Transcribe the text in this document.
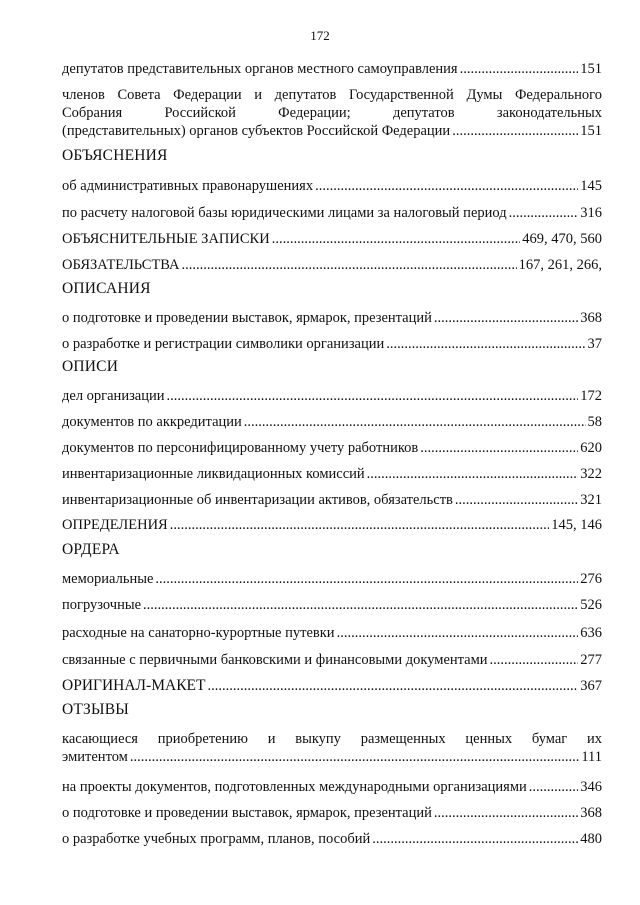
172
депутатов представительных органов местного самоуправления .....	151
членов Совета Федерации и депутатов Государственной Думы Федерального
Собрания Российской Федерации; депутатов законодательных
(представительных) органов субъектов Российской Федерации .....	151
ОБЪЯСНЕНИЯ
об административных правонарушениях .....	145
по расчету налоговой базы юридическими лицами за налоговый период .....	316
ОБЪЯСНИТЕЛЬНЫЕ ЗАПИСКИ .....	469, 470, 560
ОБЯЗАТЕЛЬСТВА .....	167, 261, 266,
ОПИСАНИЯ
о подготовке и проведении выставок, ярмарок, презентаций .....	368
о разработке и регистрации символики организации .....	37
ОПИСИ
дел организации .....	172
документов по аккредитации .....	58
документов по персонифицированному учету работников .....	620
инвентаризационные ликвидационных комиссий .....	322
инвентаризационные об инвентаризации активов, обязательств .....	321
ОПРЕДЕЛЕНИЯ .....	145, 146
ОРДЕРА
мемориальные .....	276
погрузочные .....	526
расходные на санаторно-курортные путевки .....	636
связанные с первичными банковскими и финансовыми документами .....	277
ОРИГИНАЛ-МАКЕТ .....	367
ОТЗЫВЫ
касающиеся приобретению и выкупу размещенных ценных бумаг их
эмитентом .....	111
на проекты документов, подготовленных международными организациями .....	346
о подготовке и проведении выставок, ярмарок, презентаций .....	368
о разработке учебных программ, планов, пособий .....	480
